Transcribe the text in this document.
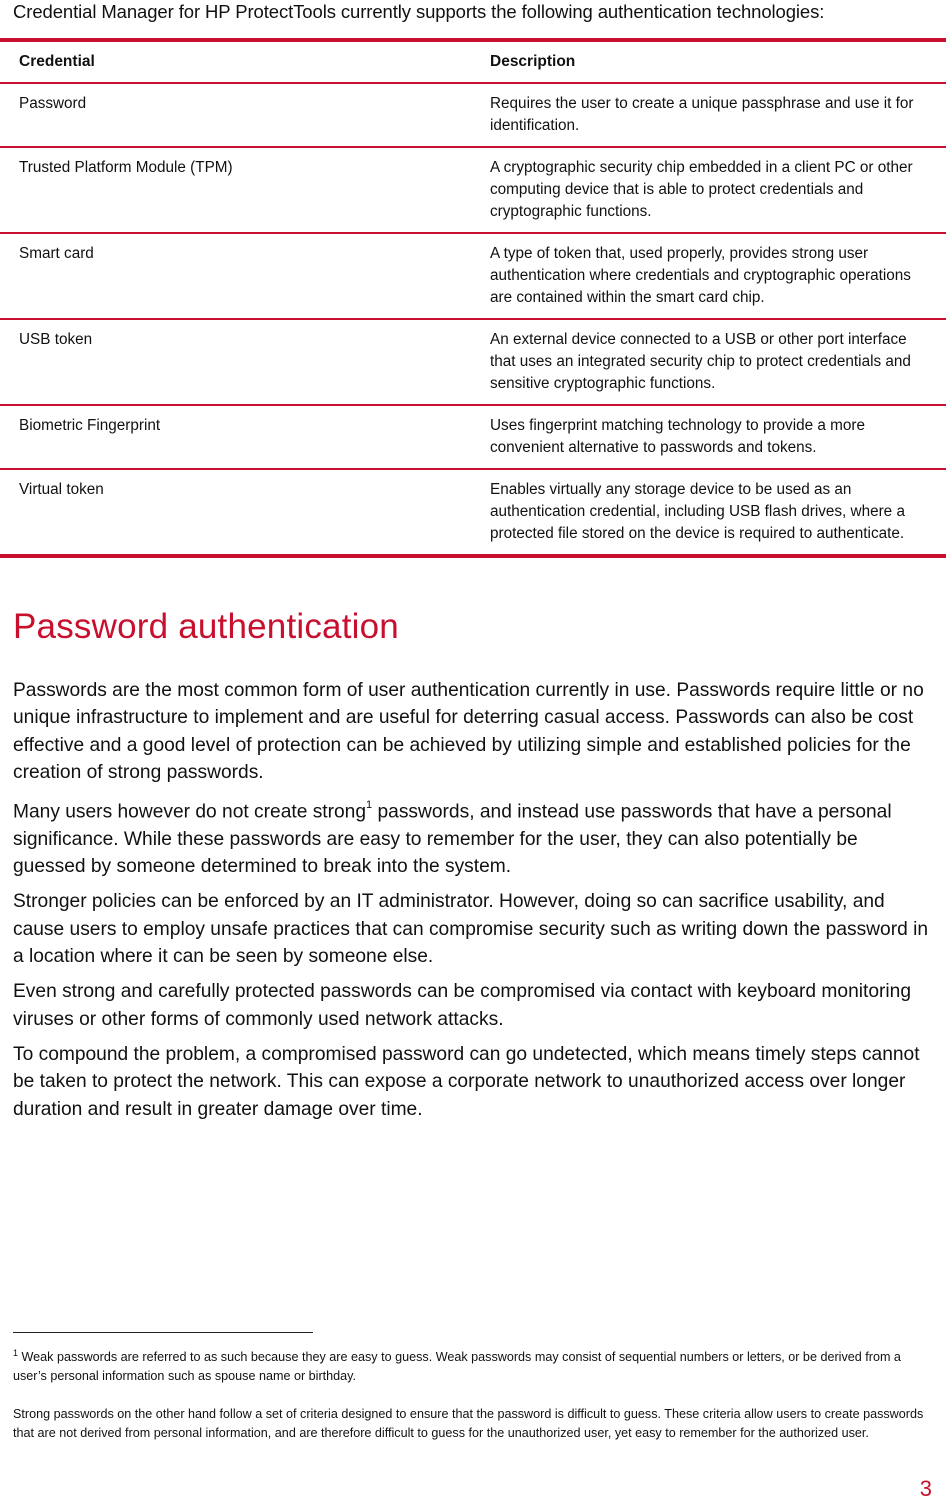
Credential Manager for HP ProtectTools currently supports the following authentication technologies:
Credential	Description
Password	Requires the user to create a unique passphrase and use it for identification.
Trusted Platform Module (TPM)	A cryptographic security chip embedded in a client PC or other computing device that is able to protect credentials and cryptographic functions.
Smart card	A type of token that, used properly, provides strong user authentication where credentials and cryptographic operations are contained within the smart card chip.
USB token	An external device connected to a USB or other port interface that uses an integrated security chip to protect credentials and sensitive cryptographic functions.
Biometric Fingerprint	Uses fingerprint matching technology to provide a more convenient alternative to passwords and tokens.
Virtual token	Enables virtually any storage device to be used as an authentication credential, including USB flash drives, where a protected file stored on the device is required to authenticate.
Password authentication

Passwords are the most common form of user authentication currently in use. Passwords require little or no unique infrastructure to implement and are useful for deterring casual access. Passwords can also be cost effective and a good level of protection can be achieved by utilizing simple and established policies for the creation of strong passwords.

Many users however do not create strong$^1$ passwords, and instead use passwords that have a personal significance. While these passwords are easy to remember for the user, they can also potentially be guessed by someone determined to break into the system.

Stronger policies can be enforced by an IT administrator. However, doing so can sacrifice usability, and cause users to employ unsafe practices that can compromise security such as writing down the password in a location where it can be seen by someone else.

Even strong and carefully protected passwords can be compromised via contact with keyboard monitoring viruses or other forms of commonly used network attacks.

To compound the problem, a compromised password can go undetected, which means timely steps cannot be taken to protect the network. This can expose a corporate network to unauthorized access over longer duration and result in greater damage over time.

$^1$ Weak passwords are referred to as such because they are easy to guess. Weak passwords may consist of sequential numbers or letters, or be derived from a user’s personal information such as spouse name or birthday.

Strong passwords on the other hand follow a set of criteria designed to ensure that the password is difficult to guess. These criteria allow users to create passwords that are not derived from personal information, and are therefore difficult to guess for the unauthorized user, yet easy to remember for the authorized user.

3
